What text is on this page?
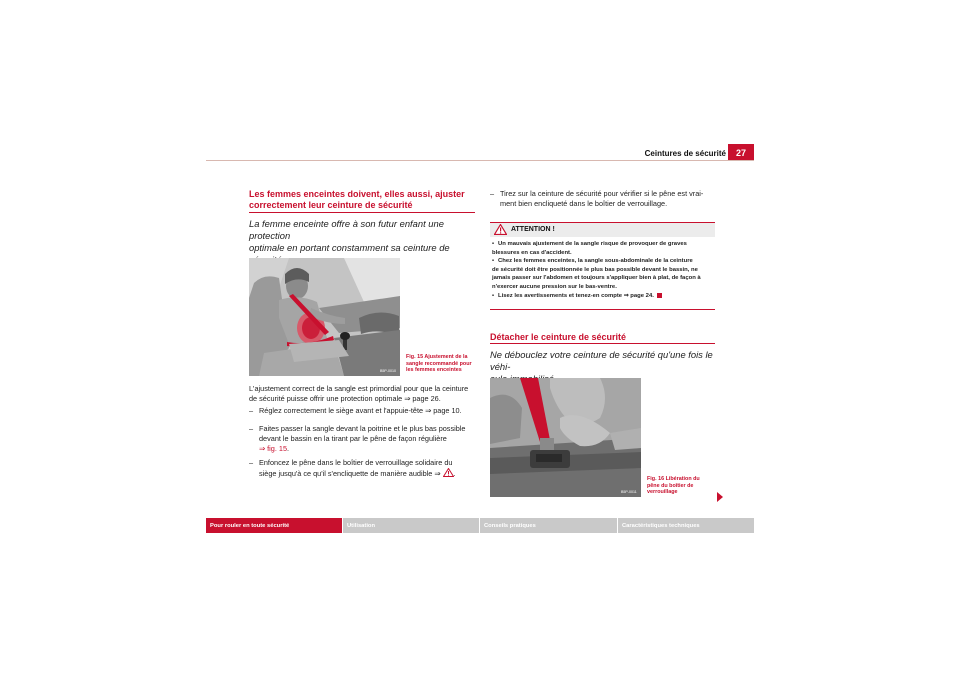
Ceintures de sécurité	27
Les femmes enceintes doivent, elles aussi, ajuster
correctement leur ceinture de sécurité
La femme enceinte offre à son futur enfant une protection
optimale en portant constamment sa ceinture de
B5P-0010
Fig. 15 Ajustement de la
sangle recommandé pour
les femmes enceintes
L'ajustement correct de la sangle est primordial pour que la ceinture
de sécurité puisse offrir une protection optimale ⇒ page 26.
– Réglez correctement le siège avant et l'appuie-tête ⇒ page 10.
– Faites passer la sangle devant la poitrine et le plus bas possible
devant le bassin en la tirant par le pêne de façon régulière
⇒ fig. 15.
– Enfoncez le pêne dans le boîtier de verrouillage solidaire du
siège jusqu'à ce qu'il s'encliquette de manière audible ⇒ .
– Tirez sur la ceinture de sécurité pour vérifier si le pêne est vrai-
ment bien encliqueté dans le boîtier de verrouillage.
ATTENTION !
• Un mauvais ajustement de la sangle risque de provoquer de graves
blessures en cas d'accident.
• Chez les femmes enceintes, la sangle sous-abdominale de la ceinture
de sécurité doit être positionnée le plus bas possible devant le bassin, ne
jamais passer sur l'abdomen et toujours s'appliquer bien à plat, de façon à
n'exercer aucune pression sur le bas-ventre.
• Lisez les avertissements et tenez-en compte ⇒ page 24.
Détacher le ceinture de sécurité
Ne débouclez votre ceinture de sécurité qu'une fois le véhi-
B5P-0011
Fig. 16 Libération du
pêne du boîtier de
verrouillage
Pour rouler en toute sécurité	Utilisation	Conseils pratiques	Caractéristiques techniques
